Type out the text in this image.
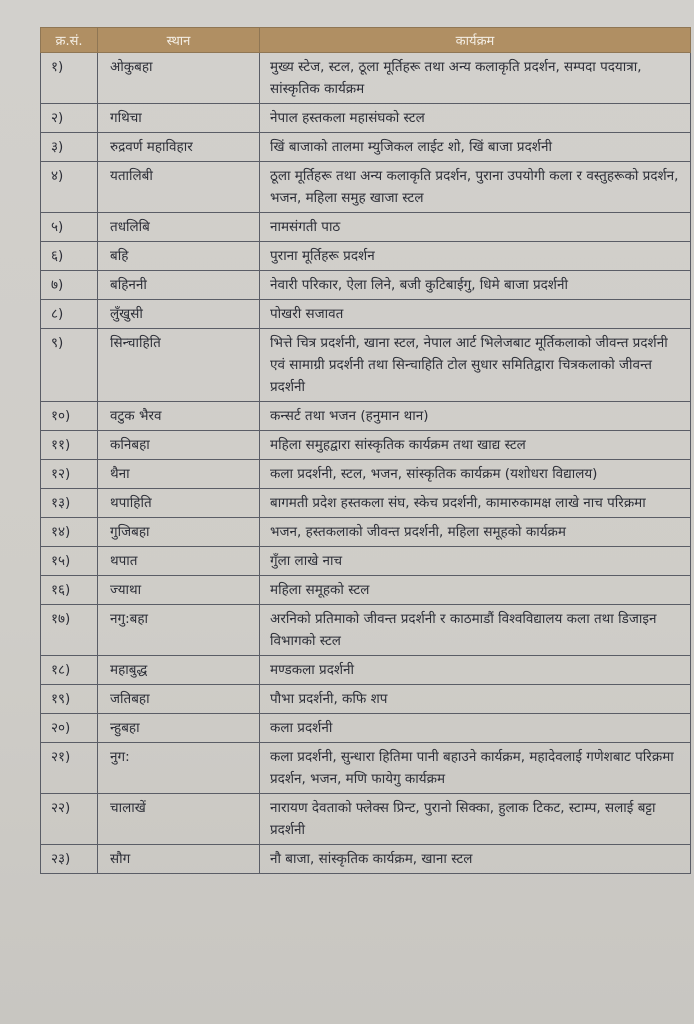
क्र.सं.	स्थान	कार्यक्रम
१)	ओकुबहा	मुख्य स्टेज, स्टल, ठूला मूर्तिहरू तथा अन्य कलाकृति प्रदर्शन, सम्पदा पदयात्रा, सांस्कृतिक कार्यक्रम
२)	गथिचा	नेपाल हस्तकला महासंघको स्टल
३)	रुद्रवर्ण महाविहार	खिं बाजाको तालमा म्युजिकल लाईट शो, खिं बाजा प्रदर्शनी
४)	यतालिबी	ठूला मूर्तिहरू तथा अन्य कलाकृति प्रदर्शन, पुराना उपयोगी कला र वस्तुहरूको प्रदर्शन, भजन, महिला समुह खाजा स्टल
५)	तधलिबि	नामसंगती पाठ
६)	बहि	पुराना मूर्तिहरू प्रदर्शन
७)	बहिननी	नेवारी परिकार, ऐला लिने, बजी कुटिबाईगु, धिमे बाजा प्रदर्शनी
८)	लुँखुसी	पोखरी सजावत
९)	सिन्चाहिति	भित्ते चित्र प्रदर्शनी, खाना स्टल, नेपाल आर्ट भिलेजबाट मूर्तिकलाको जीवन्त प्रदर्शनी एवं सामाग्री प्रदर्शनी तथा सिन्चाहिति टोल सुधार समितिद्वारा चित्रकलाको जीवन्त प्रदर्शनी
१०)	वटुक भैरव	कन्सर्ट तथा भजन (हनुमान थान)
११)	कनिबहा	महिला समुहद्वारा सांस्कृतिक कार्यक्रम तथा खाद्य स्टल
१२)	थैना	कला प्रदर्शनी, स्टल, भजन, सांस्कृतिक कार्यक्रम (यशोधरा विद्यालय)
१३)	थपाहिति	बागमती प्रदेश हस्तकला संघ, स्केच प्रदर्शनी, कामारुकामक्ष लाखे नाच परिक्रमा
१४)	गुजिबहा	भजन, हस्तकलाको जीवन्त प्रदर्शनी, महिला समूहको कार्यक्रम
१५)	थपात	गुँला लाखे नाच
१६)	ज्याथा	महिला समूहको स्टल
१७)	नगु:बहा	अरनिको प्रतिमाको जीवन्त प्रदर्शनी र काठमाडौं विश्वविद्यालय कला तथा डिजाइन विभागको स्टल
१८)	महाबुद्ध	मण्डकला प्रदर्शनी
१९)	जतिबहा	पौभा प्रदर्शनी, कफि शप
२०)	न्हुबहा	कला प्रदर्शनी
२१)	नुग:	कला प्रदर्शनी, सुन्धारा हितिमा पानी बहाउने कार्यक्रम, महादेवलाई गणेशबाट परिक्रमा प्रदर्शन, भजन, मणि फायेगु कार्यक्रम
२२)	चालाखें	नारायण देवताको फ्लेक्स प्रिन्ट, पुरानो सिक्का, हुलाक टिकट, स्टाम्प, सलाई बट्टा प्रदर्शनी
२३)	सौग	नौ बाजा, सांस्कृतिक कार्यक्रम, खाना स्टल
